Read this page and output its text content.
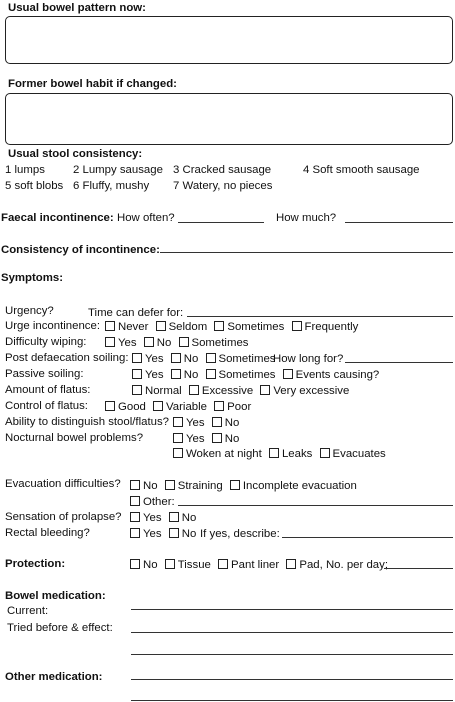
Usual bowel pattern now:
Former bowel habit if changed:
Usual stool consistency:
1 lumps 2 Lumpy sausage 3 Cracked sausage	4 Soft smooth sausage
5 soft blobs 6 Fluffy, mushy 7 Watery, no pieces
Faecal incontinence: How often?	How much?
Consistency of incontinence:
Symptoms:
Urgency?	Time can defer for:
Urge incontinence:	Never Seldom Sometimes Frequently
Difficulty wiping:	Yes No Sometimes
Post defaecation soiling:	Yes No Sometimes
How long for?
Passive soiling:	Yes No Sometimes Events causing?
Amount of flatus:	Normal Excessive Very excessive
Control of flatus:	Good Variable Poor
Ability to distinguish stool/flatus?	Yes No
Nocturnal bowel problems?	Yes No
Woken at night Leaks Evacuates
Evacuation difficulties?	No Straining Incomplete evacuation
Other:
Sensation of prolapse?	Yes No
Rectal bleeding?	Yes No If yes, describe:
Protection:	No Tissue Pant liner Pad, No. per day;
Bowel medication:
Current:
Tried before & effect:
Other medication:
